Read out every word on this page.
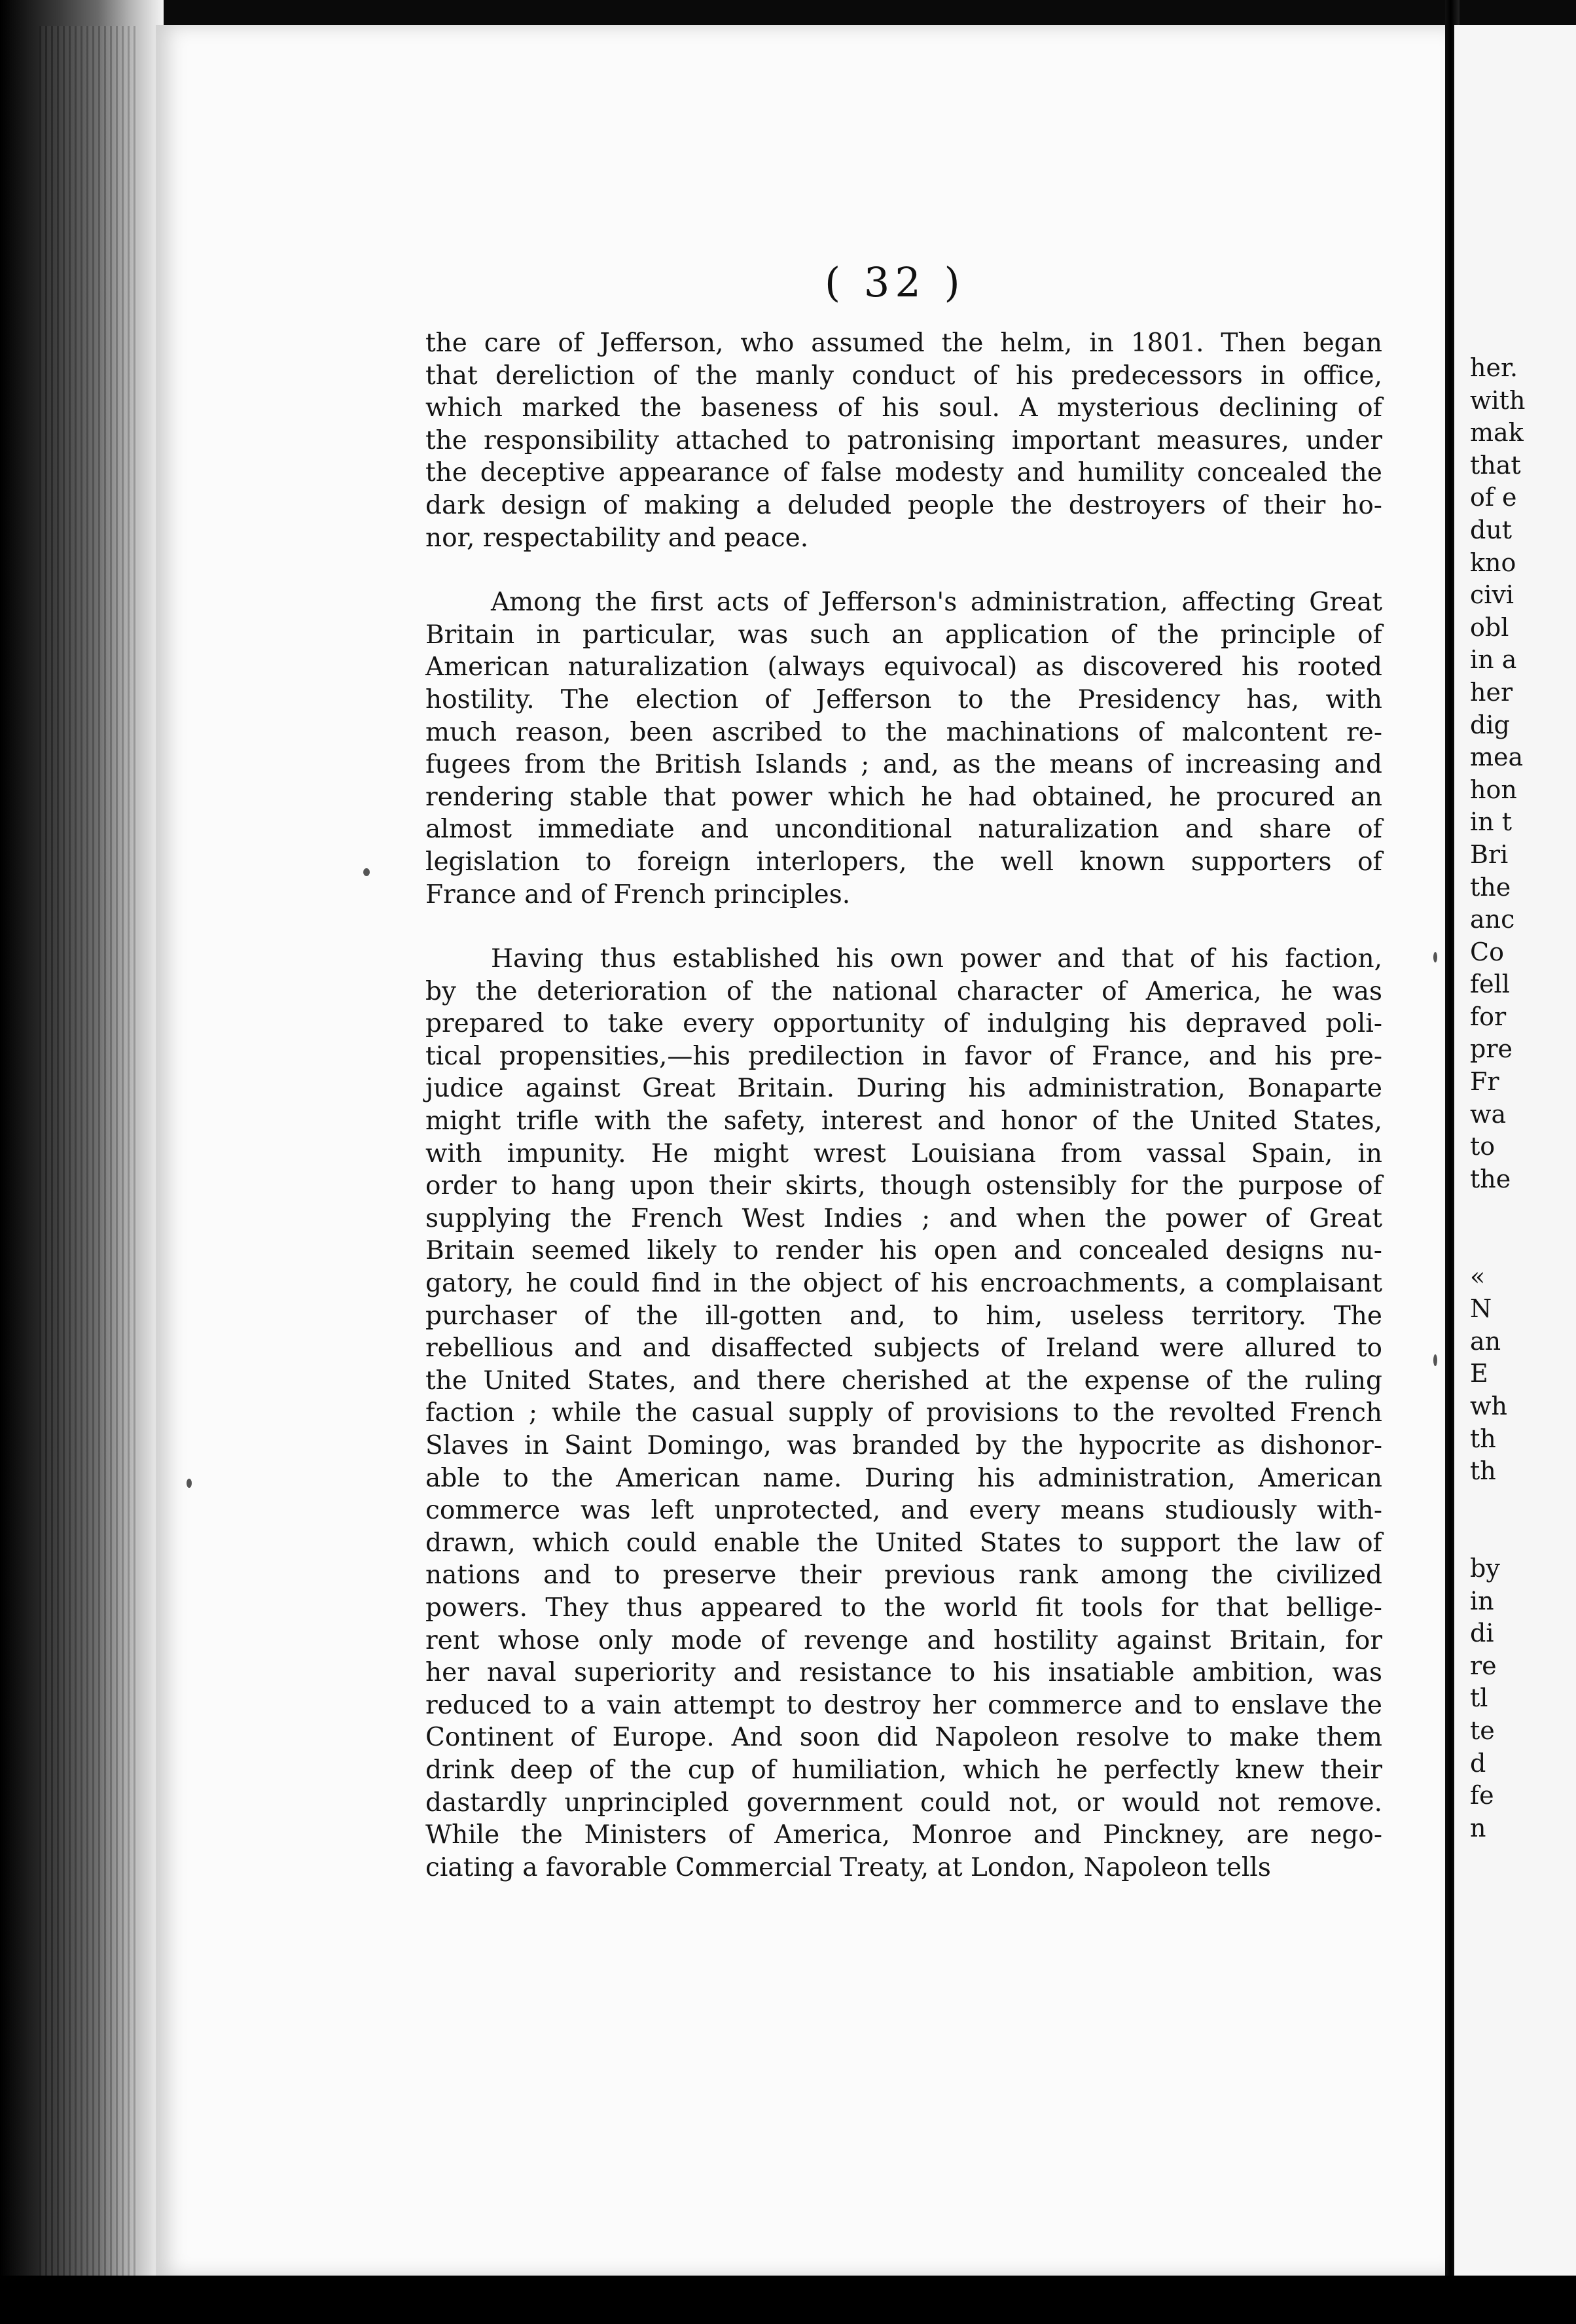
her.
with
mak
that
of e
dut
kno
civi
obl
in a
her
dig
mea
hon
in t
Bri
the
anc
Co
fell
for
pre
Fr
wa
to
the
«
N
an
E
wh
th
th
by
in
di
re
tl
te
d
fe
n
( 32 )

the care of Jefferson, who assumed the helm, in 1801. Then began
that dereliction of the manly conduct of his predecessors in office,
which marked the baseness of his soul. A mysterious declining of
the responsibility attached to patronising important measures, under
the deceptive appearance of false modesty and humility concealed the
dark design of making a deluded people the destroyers of their ho-
nor, respectability and peace.

Among the first acts of Jefferson's administration, affecting Great
Britain in particular, was such an application of the principle of
American naturalization (always equivocal) as discovered his rooted
hostility. The election of Jefferson to the Presidency has, with
much reason, been ascribed to the machinations of malcontent re-
fugees from the British Islands ; and, as the means of increasing and
rendering stable that power which he had obtained, he procured an
almost immediate and unconditional naturalization and share of
legislation to foreign interlopers, the well known supporters of
France and of French principles.

Having thus established his own power and that of his faction,
by the deterioration of the national character of America, he was
prepared to take every opportunity of indulging his depraved poli-
tical propensities,—his predilection in favor of France, and his pre-
judice against Great Britain. During his administration, Bonaparte
might trifle with the safety, interest and honor of the United States,
with impunity. He might wrest Louisiana from vassal Spain, in
order to hang upon their skirts, though ostensibly for the purpose of
supplying the French West Indies ; and when the power of Great
Britain seemed likely to render his open and concealed designs nu-
gatory, he could find in the object of his encroachments, a complaisant
purchaser of the ill-gotten and, to him, useless territory. The
rebellious and and disaffected subjects of Ireland were allured to
the United States, and there cherished at the expense of the ruling
faction ; while the casual supply of provisions to the revolted French
Slaves in Saint Domingo, was branded by the hypocrite as dishonor-
able to the American name. During his administration, American
commerce was left unprotected, and every means studiously with-
drawn, which could enable the United States to support the law of
nations and to preserve their previous rank among the civilized
powers. They thus appeared to the world fit tools for that bellige-
rent whose only mode of revenge and hostility against Britain, for
her naval superiority and resistance to his insatiable ambition, was
reduced to a vain attempt to destroy her commerce and to enslave the
Continent of Europe. And soon did Napoleon resolve to make them
drink deep of the cup of humiliation, which he perfectly knew their
dastardly unprincipled government could not, or would not remove.
While the Ministers of America, Monroe and Pinckney, are nego-
ciating a favorable Commercial Treaty, at London, Napoleon tells
